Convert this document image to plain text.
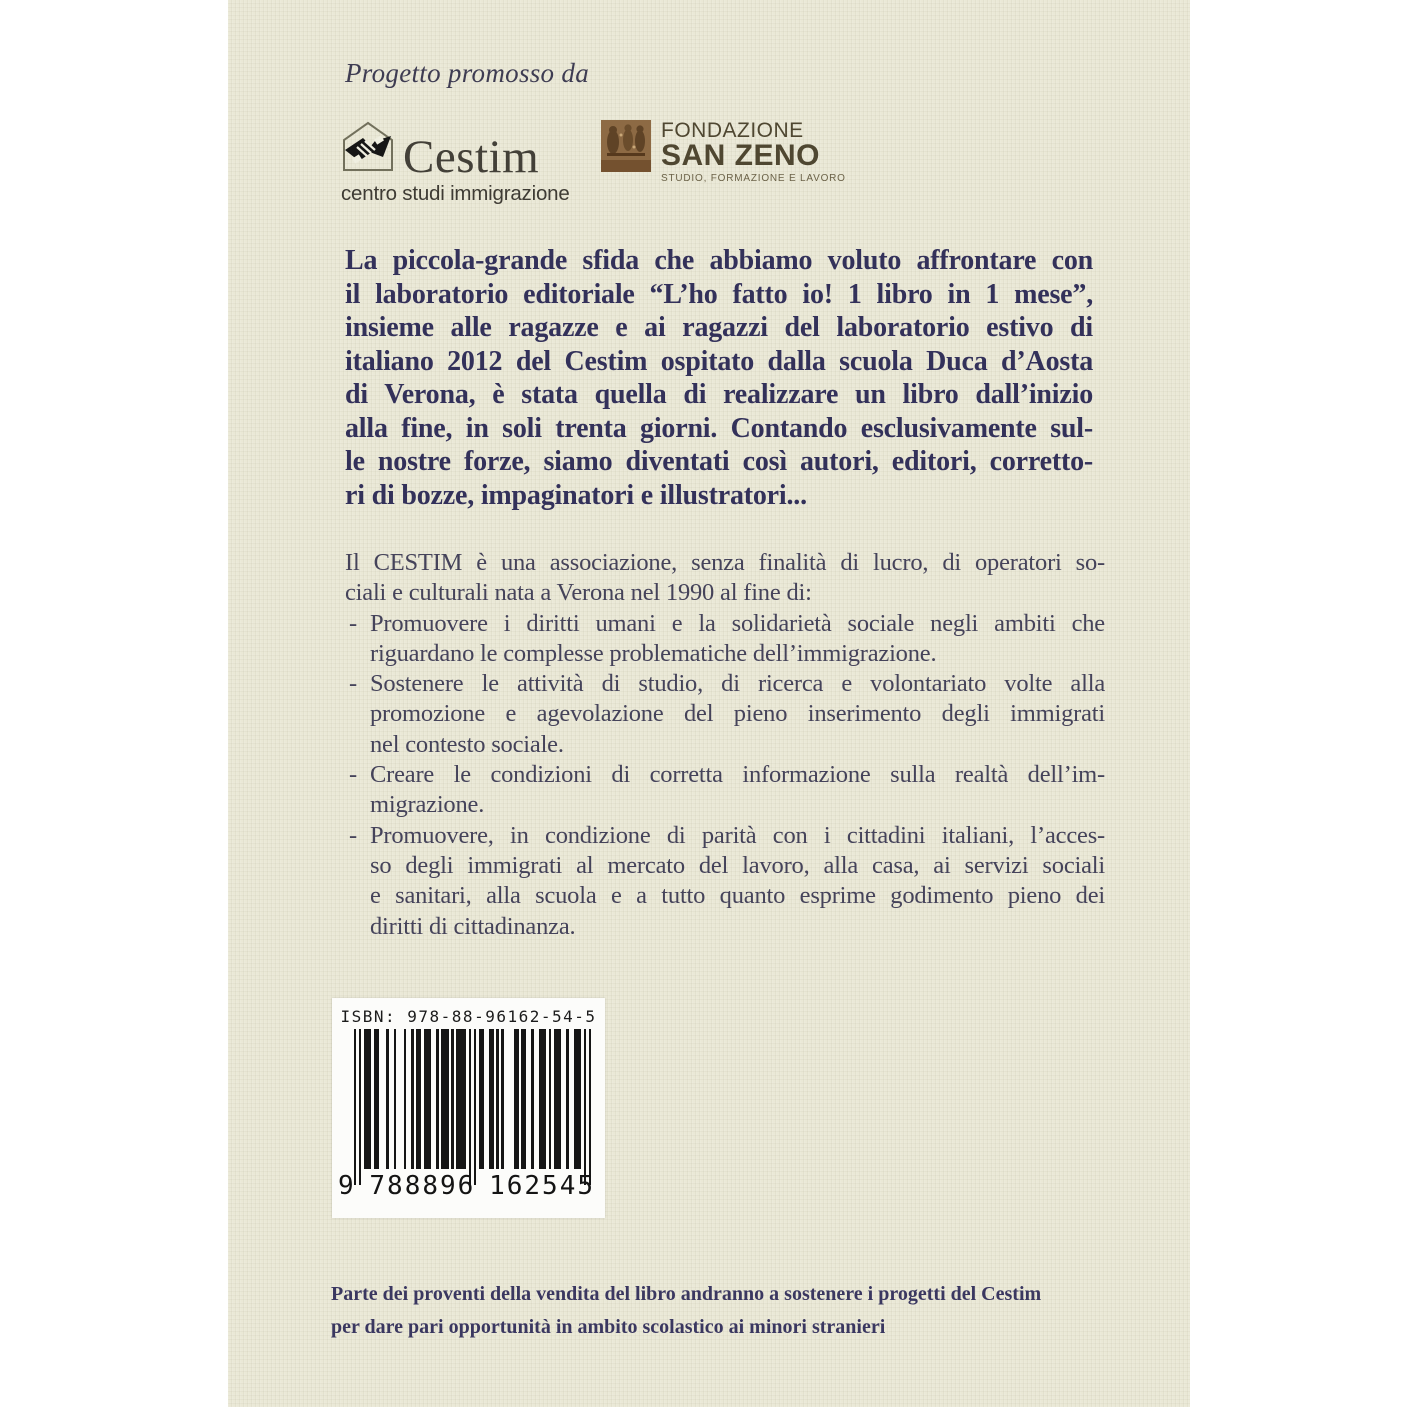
Progetto promosso da
Cestim
centro studi immigrazione
FONDAZIONE
SAN ZENO
STUDIO, FORMAZIONE E LAVORO
La piccola-grande sfida che abbiamo voluto affrontare con
il laboratorio editoriale “L’ho fatto io! 1 libro in 1 mese”,
insieme alle ragazze e ai ragazzi del laboratorio estivo di
italiano 2012 del Cestim ospitato dalla scuola Duca d’Aosta
di Verona, è stata quella di realizzare un libro dall’inizio
alla fine, in soli trenta giorni. Contando esclusivamente sul-
le nostre forze, siamo diventati così autori, editori, corretto-
ri di bozze, impaginatori e illustratori...
Il CESTIM è una associazione, senza finalità di lucro, di operatori so-
ciali e culturali nata a Verona nel 1990 al fine di:
- Promuovere i diritti umani e la solidarietà sociale negli ambiti che
riguardano le complesse problematiche dell’immigrazione.
- Sostenere le attività di studio, di ricerca e volontariato volte alla
promozione e agevolazione del pieno inserimento degli immigrati
nel contesto sociale.
- Creare le condizioni di corretta informazione sulla realtà dell’im-
migrazione.
- Promuovere, in condizione di parità con i cittadini italiani, l’acces-
so degli immigrati al mercato del lavoro, alla casa, ai servizi sociali
e sanitari, alla scuola e a tutto quanto esprime godimento pieno dei
diritti di cittadinanza.
ISBN: 978-88-96162-54-5
9 788896 162545
Parte dei proventi della vendita del libro andranno a sostenere i progetti del Cestim
per dare pari opportunità in ambito scolastico ai minori stranieri
